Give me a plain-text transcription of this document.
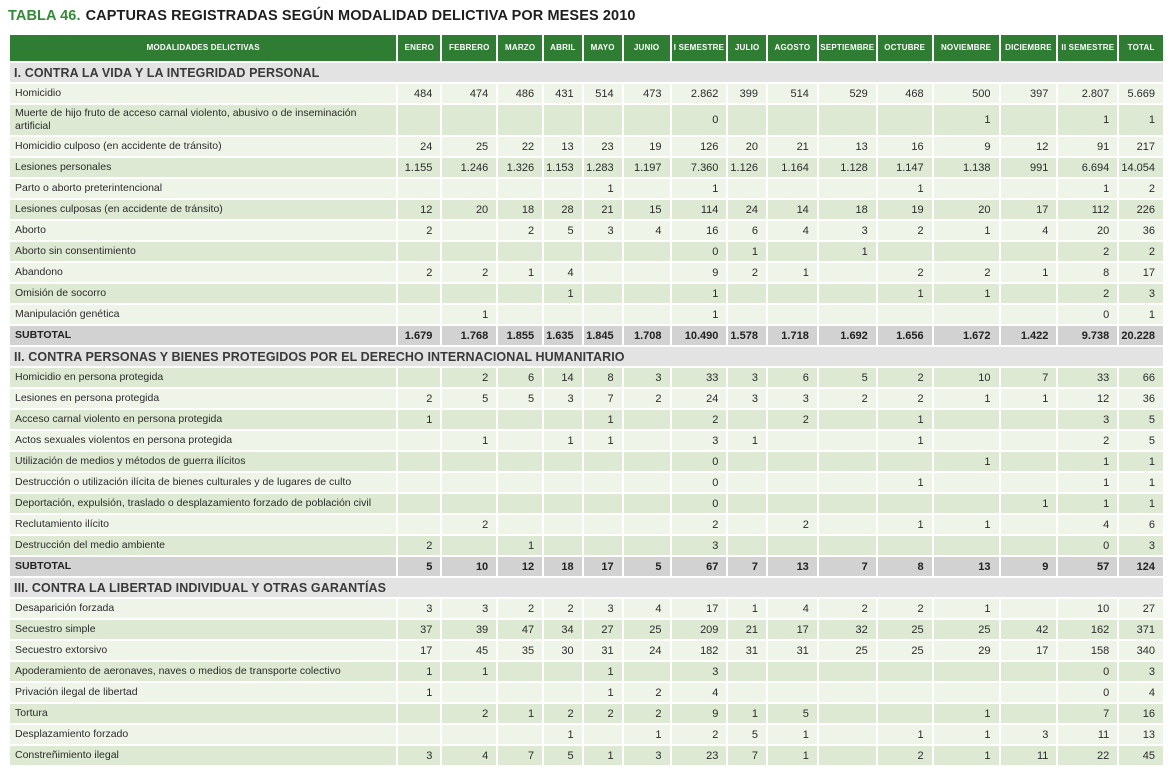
TABLA 46. CAPTURAS REGISTRADAS SEGÚN MODALIDAD DELICTIVA POR MESES 2010
MODALIDADES DELICTIVAS	ENERO	FEBRERO	MARZO	ABRIL	MAYO	JUNIO	I SEMESTRE	JULIO	AGOSTO	SEPTIEMBRE	OCTUBRE	NOVIEMBRE	DICIEMBRE	II SEMESTRE	TOTAL
I. CONTRA LA VIDA Y LA INTEGRIDAD PERSONAL															
Homicidio	484	474	486	431	514	473	2.862	399	514	529	468	500	397	2.807	5.669
Muerte de hijo fruto de acceso carnal violento, abusivo o de inseminación artificial							0					1		1	1
Homicidio culposo (en accidente de tránsito)	24	25	22	13	23	19	126	20	21	13	16	9	12	91	217
Lesiones personales	1.155	1.246	1.326	1.153	1.283	1.197	7.360	1.126	1.164	1.128	1.147	1.138	991	6.694	14.054
Parto o aborto preterintencional					1		1				1			1	2
Lesiones culposas (en accidente de tránsito)	12	20	18	28	21	15	114	24	14	18	19	20	17	112	226
Aborto	2		2	5	3	4	16	6	4	3	2	1	4	20	36
Aborto sin consentimiento							0	1		1				2	2
Abandono	2	2	1	4			9	2	1		2	2	1	8	17
Omisión de socorro				1			1				1	1		2	3
Manipulación genética		1					1							0	1
SUBTOTAL	1.679	1.768	1.855	1.635	1.845	1.708	10.490	1.578	1.718	1.692	1.656	1.672	1.422	9.738	20.228
II. CONTRA PERSONAS Y BIENES PROTEGIDOS POR EL DERECHO INTERNACIONAL HUMANITARIO															
Homicidio en persona protegida		2	6	14	8	3	33	3	6	5	2	10	7	33	66
Lesiones en persona protegida	2	5	5	3	7	2	24	3	3	2	2	1	1	12	36
Acceso carnal violento en persona protegida	1				1		2		2		1			3	5
Actos sexuales violentos en persona protegida		1		1	1		3	1			1			2	5
Utilización de medios y métodos de guerra ilícitos							0					1		1	1
Destrucción o utilización ilícita de bienes culturales y de lugares de culto							0				1			1	1
Deportación, expulsión, traslado o desplazamiento forzado de población civil							0						1	1	1
Reclutamiento ilícito		2					2		2		1	1		4	6
Destrucción del medio ambiente	2		1				3							0	3
SUBTOTAL	5	10	12	18	17	5	67	7	13	7	8	13	9	57	124
III. CONTRA LA LIBERTAD INDIVIDUAL Y OTRAS GARANTÍAS															
Desaparición forzada	3	3	2	2	3	4	17	1	4	2	2	1		10	27
Secuestro simple	37	39	47	34	27	25	209	21	17	32	25	25	42	162	371
Secuestro extorsivo	17	45	35	30	31	24	182	31	31	25	25	29	17	158	340
Apoderamiento de aeronaves, naves o medios de transporte colectivo	1	1			1		3							0	3
Privación ilegal de libertad	1				1	2	4							0	4
Tortura		2	1	2	2	2	9	1	5			1		7	16
Desplazamiento forzado				1		1	2	5	1		1	1	3	11	13
Constreñimiento ilegal	3	4	7	5	1	3	23	7	1		2	1	11	22	45
